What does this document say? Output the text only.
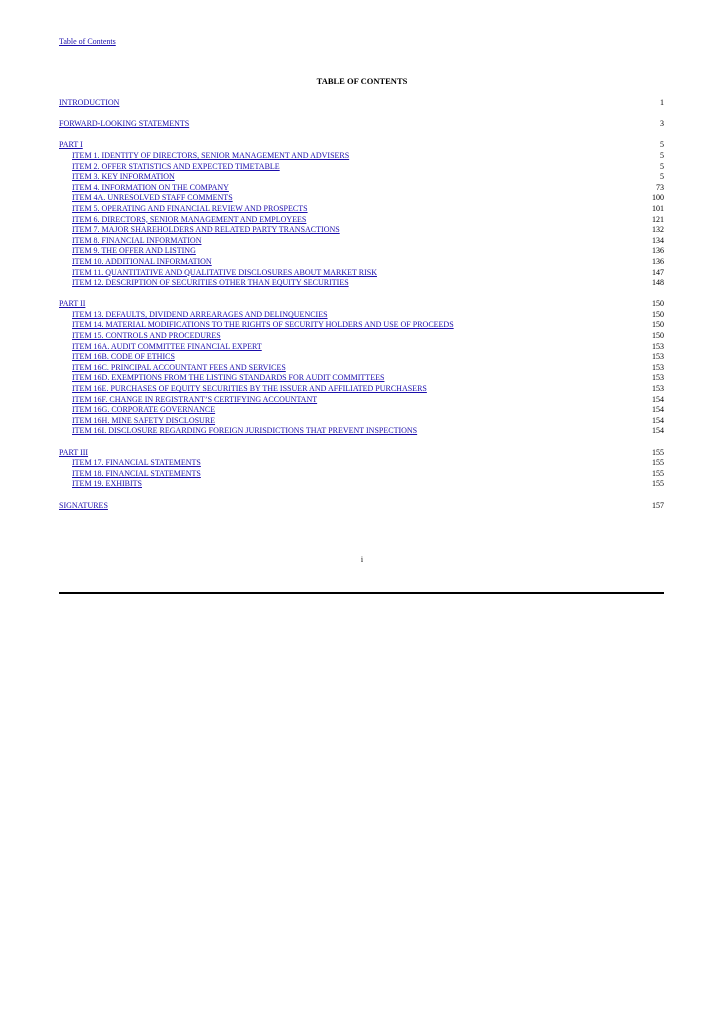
Table of Contents
TABLE OF CONTENTS
INTRODUCTION	1
FORWARD-LOOKING STATEMENTS	3
PART I	5
ITEM 1. IDENTITY OF DIRECTORS, SENIOR MANAGEMENT AND ADVISERS	5
ITEM 2. OFFER STATISTICS AND EXPECTED TIMETABLE	5
ITEM 3. KEY INFORMATION	5
ITEM 4. INFORMATION ON THE COMPANY	73
ITEM 4A. UNRESOLVED STAFF COMMENTS	100
ITEM 5. OPERATING AND FINANCIAL REVIEW AND PROSPECTS	101
ITEM 6. DIRECTORS, SENIOR MANAGEMENT AND EMPLOYEES	121
ITEM 7. MAJOR SHAREHOLDERS AND RELATED PARTY TRANSACTIONS	132
ITEM 8. FINANCIAL INFORMATION	134
ITEM 9. THE OFFER AND LISTING	136
ITEM 10. ADDITIONAL INFORMATION	136
ITEM 11. QUANTITATIVE AND QUALITATIVE DISCLOSURES ABOUT MARKET RISK	147
ITEM 12. DESCRIPTION OF SECURITIES OTHER THAN EQUITY SECURITIES	148
PART II	150
ITEM 13. DEFAULTS, DIVIDEND ARREARAGES AND DELINQUENCIES	150
ITEM 14. MATERIAL MODIFICATIONS TO THE RIGHTS OF SECURITY HOLDERS AND USE OF PROCEEDS	150
ITEM 15. CONTROLS AND PROCEDURES	150
ITEM 16A. AUDIT COMMITTEE FINANCIAL EXPERT	153
ITEM 16B. CODE OF ETHICS	153
ITEM 16C. PRINCIPAL ACCOUNTANT FEES AND SERVICES	153
ITEM 16D. EXEMPTIONS FROM THE LISTING STANDARDS FOR AUDIT COMMITTEES	153
ITEM 16E. PURCHASES OF EQUITY SECURITIES BY THE ISSUER AND AFFILIATED PURCHASERS	153
ITEM 16F. CHANGE IN REGISTRANT’S CERTIFYING ACCOUNTANT	154
ITEM 16G. CORPORATE GOVERNANCE	154
ITEM 16H. MINE SAFETY DISCLOSURE	154
ITEM 16I. DISCLOSURE REGARDING FOREIGN JURISDICTIONS THAT PREVENT INSPECTIONS	154
PART III	155
ITEM 17. FINANCIAL STATEMENTS	155
ITEM 18. FINANCIAL STATEMENTS	155
ITEM 19. EXHIBITS	155
SIGNATURES	157
i
